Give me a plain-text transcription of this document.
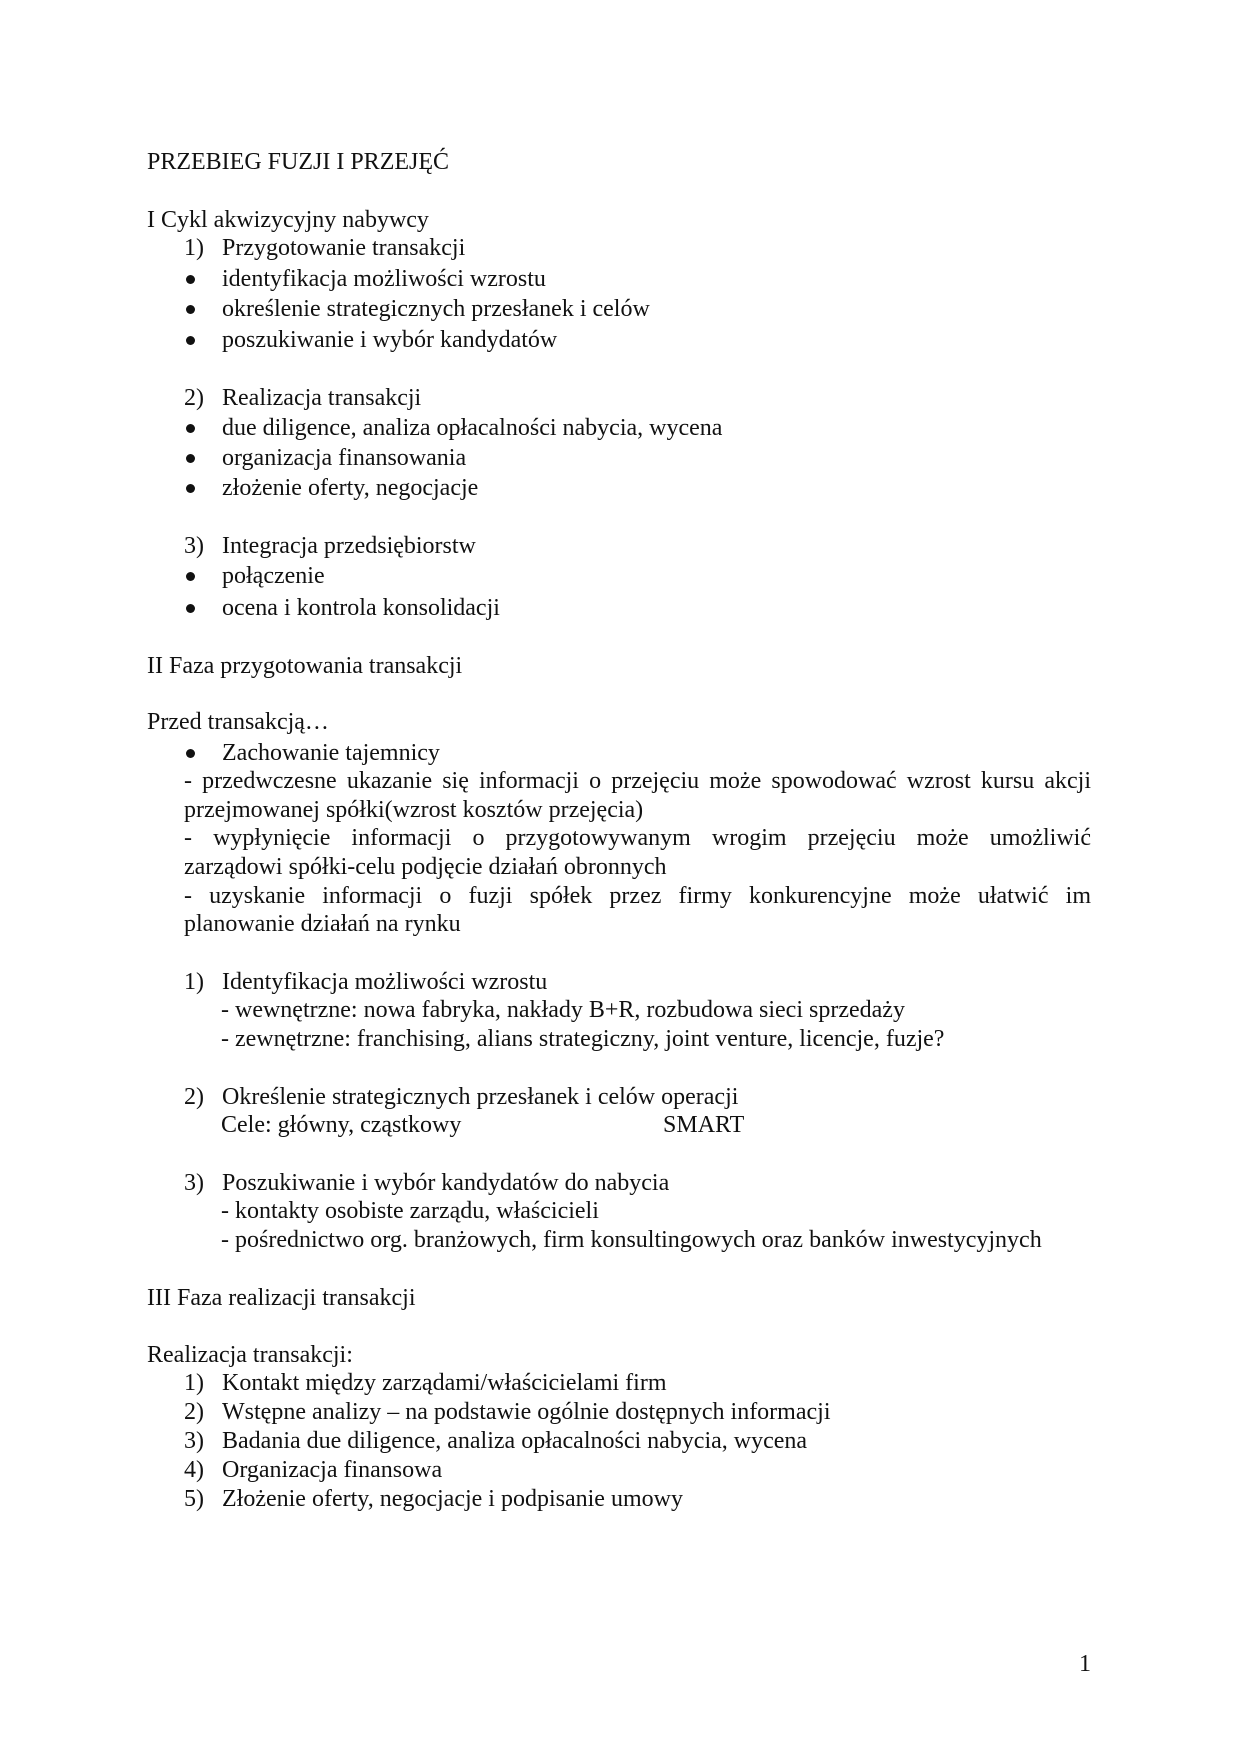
PRZEBIEG FUZJI I PRZEJĘĆ
I Cykl akwizycyjny nabywcy
1) Przygotowanie transakcji
identyfikacja możliwości wzrostu
określenie strategicznych przesłanek i celów
poszukiwanie i wybór kandydatów
2) Realizacja transakcji
due diligence, analiza opłacalności nabycia, wycena
organizacja finansowania
złożenie oferty, negocjacje
3) Integracja przedsiębiorstw
połączenie
ocena i kontrola konsolidacji
II Faza przygotowania transakcji
Przed transakcją…
Zachowanie tajemnicy
- przedwczesne ukazanie się informacji o przejęciu może spowodować wzrost kursu akcji
przejmowanej spółki(wzrost kosztów przejęcia)
- wypłynięcie informacji o przygotowywanym wrogim przejęciu może umożliwić
zarządowi spółki-celu podjęcie działań obronnych
- uzyskanie informacji o fuzji spółek przez firmy konkurencyjne może ułatwić im
planowanie działań na rynku
1) Identyfikacja możliwości wzrostu
- wewnętrzne: nowa fabryka, nakłady B+R, rozbudowa sieci sprzedaży
- zewnętrzne: franchising, alians strategiczny, joint venture, licencje, fuzje?
2) Określenie strategicznych przesłanek i celów operacji
Cele: główny, cząstkowy	SMART
3) Poszukiwanie i wybór kandydatów do nabycia
- kontakty osobiste zarządu, właścicieli
- pośrednictwo org. branżowych, firm konsultingowych oraz banków inwestycyjnych
III Faza realizacji transakcji
Realizacja transakcji:
1) Kontakt między zarządami/właścicielami firm
2) Wstępne analizy – na podstawie ogólnie dostępnych informacji
3) Badania due diligence, analiza opłacalności nabycia, wycena
4) Organizacja finansowa
5) Złożenie oferty, negocjacje i podpisanie umowy
1
